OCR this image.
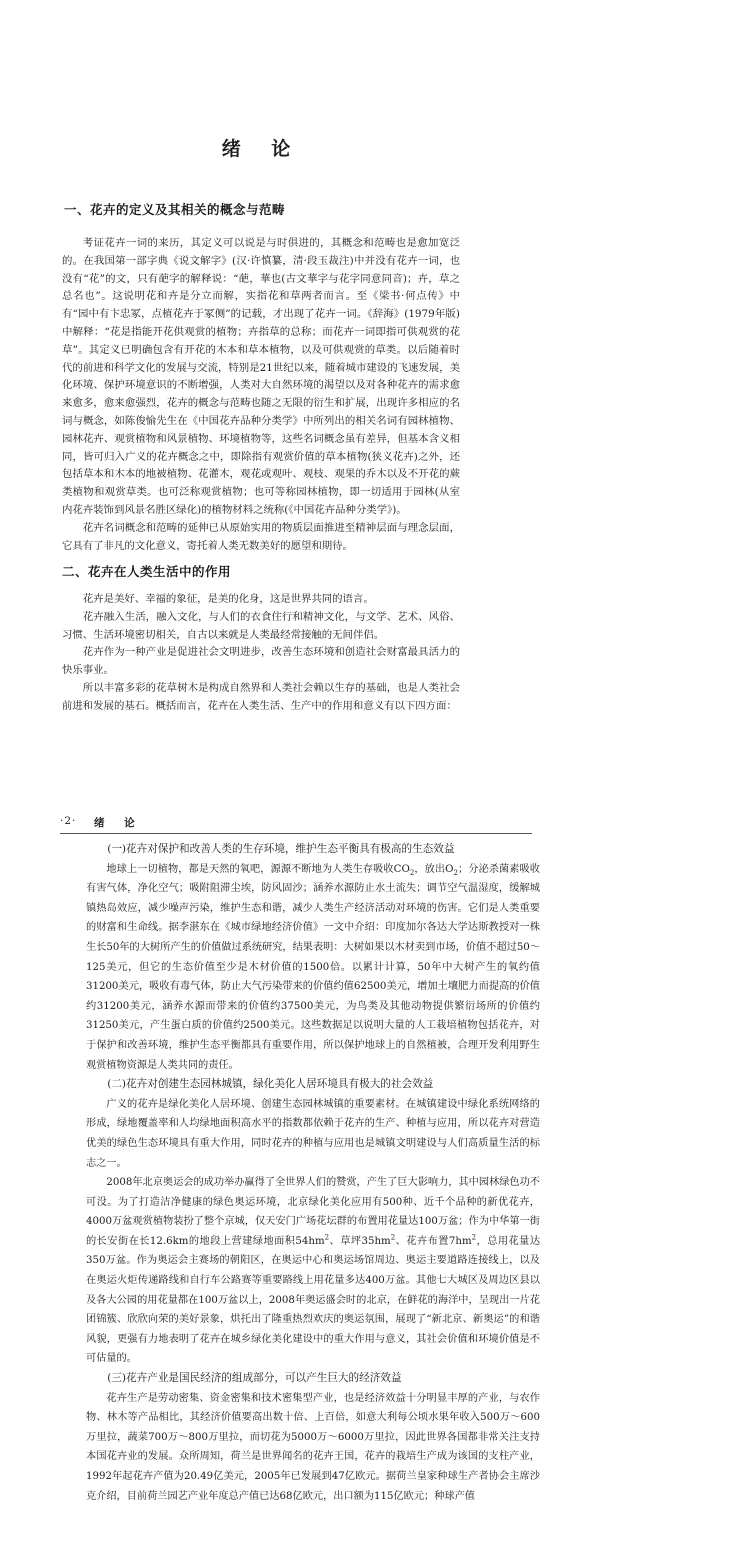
绪 论
一、花卉的定义及其相关的概念与范畴

考证花卉一词的来历，其定义可以说是与时俱进的，其概念和范畴也是愈加宽泛的。在我国第一部字典《说文解字》(汉·许慎纂，清·段玉裁注)中并没有花卉一词，也没有“花”的文，只有葩字的解释说：“葩，華也(古文華字与花字同意同音)；卉，草之总名也”。这说明花和卉是分立而解，实指花和草两者而言。至《梁书·何点传》中有“园中有卞忠冢，点植花卉于冢侧”的记载，才出现了花卉一词。《辞海》(1979年版)中解释：“花是指能开花供观赏的植物；卉指草的总称；而花卉一词即指可供观赏的花草”。其定义已明确包含有开花的木本和草本植物，以及可供观赏的草类。以后随着时代的前进和科学文化的发展与交流，特别是21世纪以来，随着城市建设的飞速发展，美化环境、保护环境意识的不断增强，人类对大自然环境的渴望以及对各种花卉的需求愈来愈多，愈来愈强烈，花卉的概念与范畴也随之无限的衍生和扩展，出现许多相应的名词与概念，如陈俊愉先生在《中国花卉品种分类学》中所列出的相关名词有园林植物、园林花卉、观赏植物和风景植物、环境植物等，这些名词概念虽有差异，但基本含义相同，皆可归入广义的花卉概念之中，即除指有观赏价值的草本植物(狭义花卉)之外，还包括草本和木本的地被植物、花灌木，观花或观叶、观枝、观果的乔木以及不开花的蕨类植物和观赏草类。也可泛称观赏植物；也可等称园林植物，即一切适用于园林(从室内花卉装饰到风景名胜区绿化)的植物材料之统称(《中国花卉品种分类学》)。

花卉名词概念和范畴的延伸已从原始实用的物质层面推进至精神层面与理念层面，它具有了非凡的文化意义，寄托着人类无数美好的愿望和期待。

二、花卉在人类生活中的作用

花卉是美好、幸福的象征，是美的化身，这是世界共同的语言。

花卉融入生活，融入文化，与人们的衣食住行和精神文化，与文学、艺术、风俗、习惯、生活环境密切相关，自古以来就是人类最经常接触的无间伴侣。

花卉作为一种产业是促进社会文明进步，改善生态环境和创造社会财富最具活力的快乐事业。

所以丰富多彩的花草树木是构成自然界和人类社会赖以生存的基础，也是人类社会前进和发展的基石。概括而言，花卉在人类生活、生产中的作用和意义有以下四方面：

·2· 绪 论

(一)花卉对保护和改善人类的生存环境，维护生态平衡具有极高的生态效益

地球上一切植物，都是天然的氧吧，源源不断地为人类生存吸收$CO_2$，放出$O_2$；分泌杀菌素吸收有害气体，净化空气；吸附阻滞尘埃，防风固沙；涵养水源防止水土流失；调节空气温湿度，缓解城镇热岛效应，减少噪声污染，维护生态和谐，减少人类生产经济活动对环境的伤害。它们是人类重要的财富和生命线。据李湛东在《城市绿地经济价值》一文中介绍：印度加尔各达大学达斯教授对一株生长50年的大树所产生的价值做过系统研究，结果表明：大树如果以木材卖到市场，价值不超过50～125美元，但它的生态价值至少是木材价值的1500倍。以累计计算，50年中大树产生的氧约值31200美元，吸收有毒气体，防止大气污染带来的价值约值62500美元，增加土壤肥力而提高的价值约31200美元，涵养水源而带来的价值约37500美元，为鸟类及其他动物提供繁衍场所的价值约31250美元，产生蛋白质的价值约2500美元。这些数据足以说明大量的人工栽培植物包括花卉，对于保护和改善环境，维护生态平衡都具有重要作用，所以保护地球上的自然植被，合理开发利用野生观赏植物资源是人类共同的责任。

(二)花卉对创建生态园林城镇，绿化美化人居环境具有极大的社会效益

广义的花卉是绿化美化人居环境、创建生态园林城镇的重要素材。在城镇建设中绿化系统网络的形成，绿地覆盖率和人均绿地面积高水平的指数都依赖于花卉的生产、种植与应用，所以花卉对营造优美的绿色生态环境具有重大作用，同时花卉的种植与应用也是城镇文明建设与人们高质量生活的标志之一。

2008年北京奥运会的成功举办赢得了全世界人们的赞赏，产生了巨大影响力，其中园林绿色功不可没。为了打造洁净健康的绿色奥运环境，北京绿化美化应用有500种、近千个品种的新优花卉，4000万盆观赏植物装扮了整个京城，仅天安门广场花坛群的布置用花量达100万盆；作为中华第一街的长安街在长12.6km的地段上营建绿地面积$54hm^2$、草坪$35hm^2$、花卉布置$7hm^2$，总用花量达350万盆。作为奥运会主赛场的朝阳区，在奥运中心和奥运场馆周边、奥运主要道路连接线上，以及在奥运火炬传递路线和自行车公路赛等重要路线上用花量多达400万盆。其他七大城区及周边区县以及各大公园的用花量都在100万盆以上，2008年奥运盛会时的北京，在鲜花的海洋中，呈现出一片花团锦簇、欣欣向荣的美好景象，烘托出了隆重热烈欢庆的奥运氛围，展现了“新北京、新奥运”的和谐风貌，更强有力地表明了花卉在城乡绿化美化建设中的重大作用与意义，其社会价值和环境价值是不可估量的。

(三)花卉产业是国民经济的组成部分，可以产生巨大的经济效益

花卉生产是劳动密集、资金密集和技术密集型产业，也是经济效益十分明显丰厚的产业，与农作物、林木等产品相比，其经济价值要高出数十倍、上百倍，如意大利每公顷水果年收入500万～600万里拉，蔬菜700万～800万里拉，而切花为5000万～6000万里拉，因此世界各国都非常关注支持本国花卉业的发展。众所周知，荷兰是世界闻名的花卉王国，花卉的栽培生产成为该国的支柱产业，1992年起花卉产值为20.49亿美元，2005年已发展到47亿欧元。据荷兰皇家种球生产者协会主席沙克介绍，目前荷兰园艺产业年度总产值已达68亿欧元，出口额为115亿欧元；种球产值
